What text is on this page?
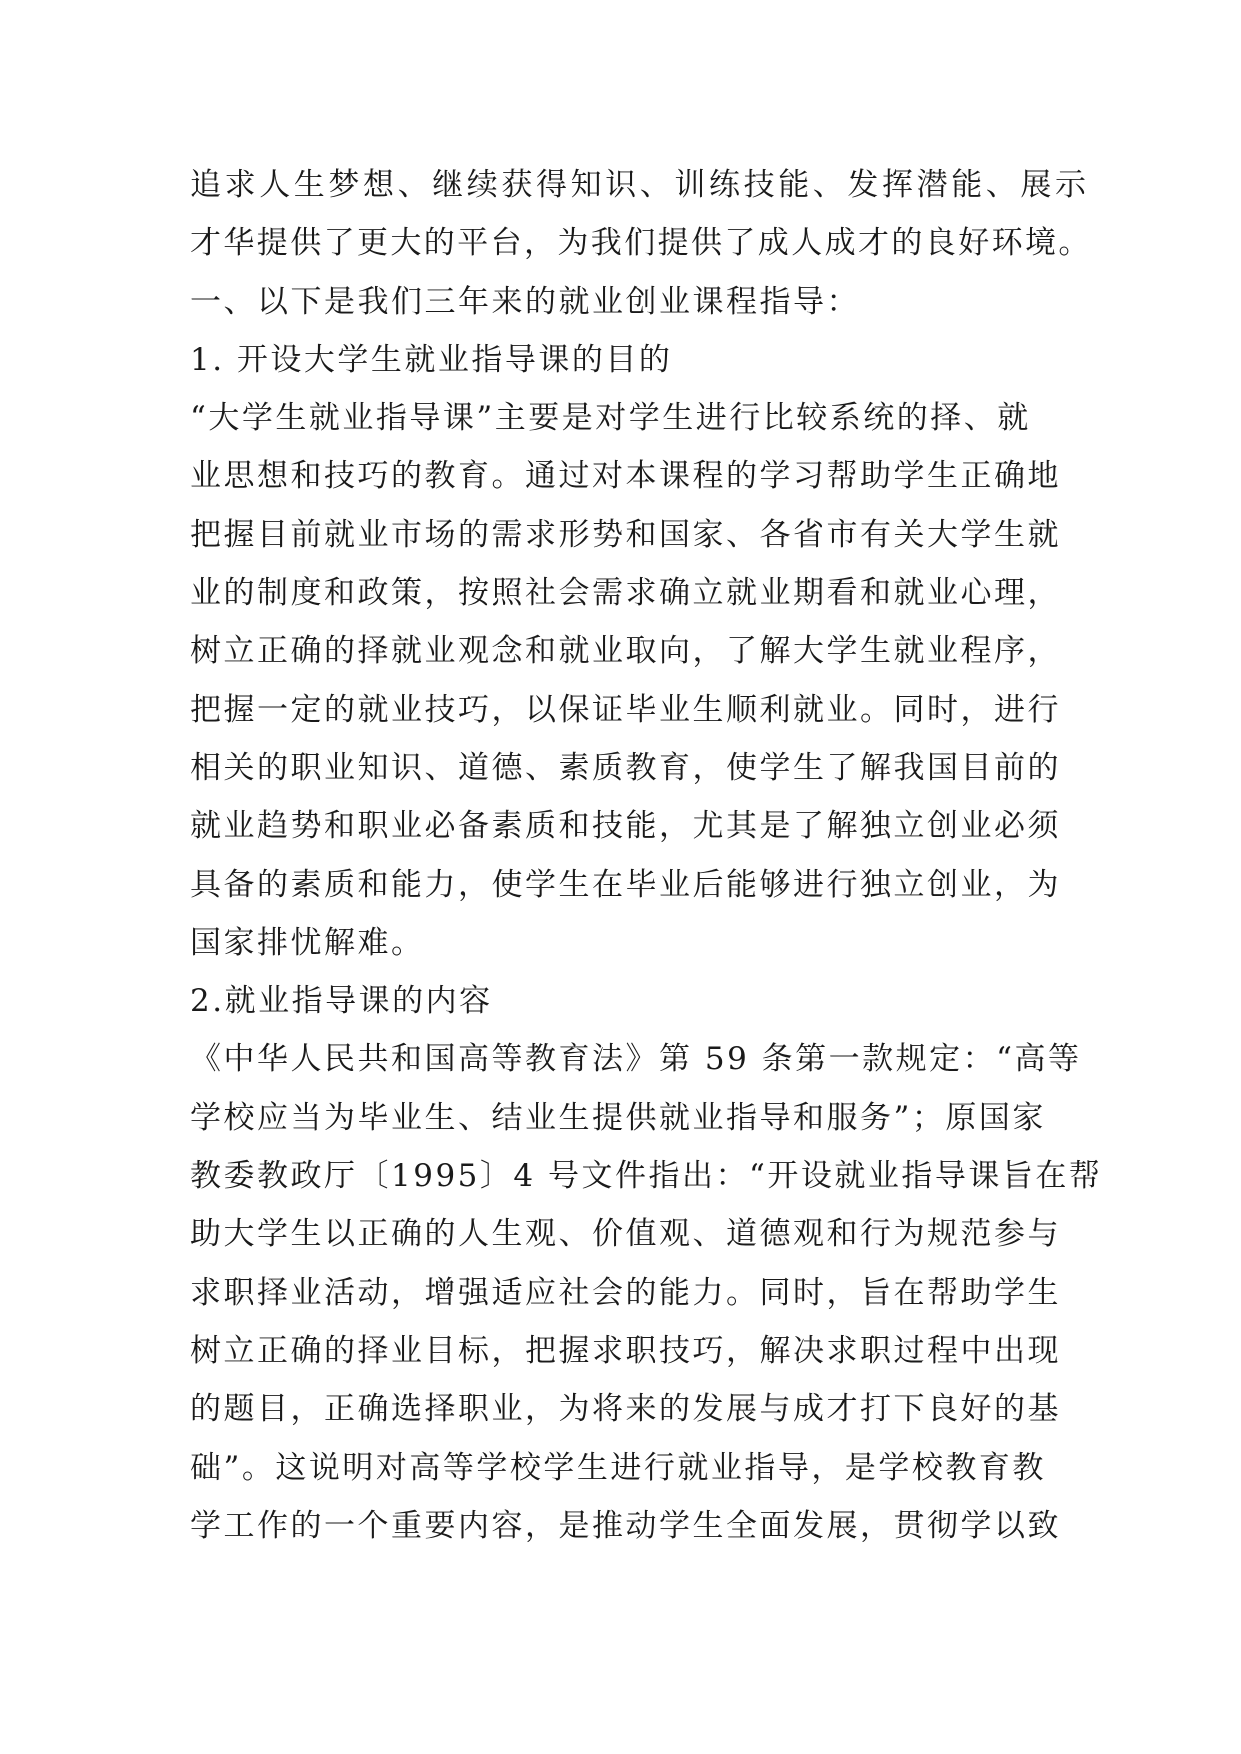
追求人生梦想、继续获得知识、训练技能、发挥潜能、展示
才华提供了更大的平台，为我们提供了成人成才的良好环境。
一、以下是我们三年来的就业创业课程指导：
1. 开设大学生就业指导课的目的
“大学生就业指导课”主要是对学生进行比较系统的择、就
业思想和技巧的教育。通过对本课程的学习帮助学生正确地
把握目前就业市场的需求形势和国家、各省市有关大学生就
业的制度和政策，按照社会需求确立就业期看和就业心理，
树立正确的择就业观念和就业取向，了解大学生就业程序，
把握一定的就业技巧，以保证毕业生顺利就业。同时，进行
相关的职业知识、道德、素质教育，使学生了解我国目前的
就业趋势和职业必备素质和技能，尤其是了解独立创业必须
具备的素质和能力，使学生在毕业后能够进行独立创业，为
国家排忧解难。
2.就业指导课的内容
《中华人民共和国高等教育法》第 59 条第一款规定：“高等
学校应当为毕业生、结业生提供就业指导和服务”；原国家
教委教政厅〔1995〕4 号文件指出：“开设就业指导课旨在帮
助大学生以正确的人生观、价值观、道德观和行为规范参与
求职择业活动，增强适应社会的能力。同时，旨在帮助学生
树立正确的择业目标，把握求职技巧，解决求职过程中出现
的题目，正确选择职业，为将来的发展与成才打下良好的基
础”。这说明对高等学校学生进行就业指导，是学校教育教
学工作的一个重要内容，是推动学生全面发展，贯彻学以致
